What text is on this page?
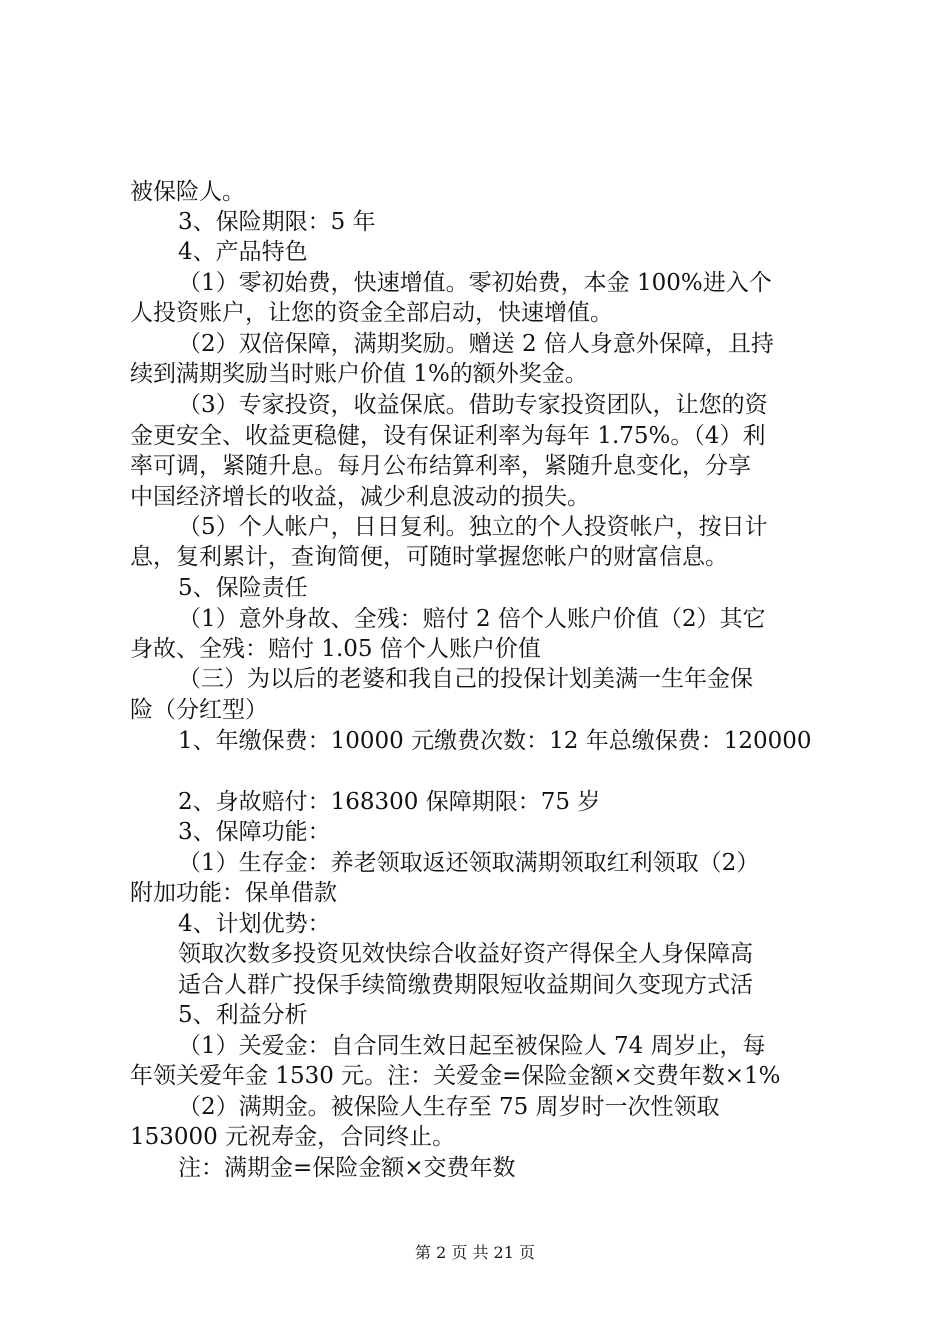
被保险人。
3、保险期限：5 年
4、产品特色
（1）零初始费，快速增值。零初始费，本金 100%进入个
人投资账户，让您的资金全部启动，快速增值。
（2）双倍保障，满期奖励。赠送 2 倍人身意外保障，且持
续到满期奖励当时账户价值 1%的额外奖金。
（3）专家投资，收益保底。借助专家投资团队，让您的资
金更安全、收益更稳健，设有保证利率为每年 1.75%。（4）利
率可调，紧随升息。每月公布结算利率，紧随升息变化，分享
中国经济增长的收益，减少利息波动的损失。
（5）个人帐户，日日复利。独立的个人投资帐户，按日计
息，复利累计，查询简便，可随时掌握您帐户的财富信息。
5、保险责任
（1）意外身故、全残：赔付 2 倍个人账户价值（2）其它
身故、全残：赔付 1.05 倍个人账户价值
（三）为以后的老婆和我自己的投保计划美满一生年金保
险（分红型）
1、年缴保费：10000 元缴费次数：12 年总缴保费：120000
2、身故赔付：168300 保障期限：75 岁
3、保障功能：
（1）生存金：养老领取返还领取满期领取红利领取（2）
附加功能：保单借款
4、计划优势：
领取次数多投资见效快综合收益好资产得保全人身保障高
适合人群广投保手续简缴费期限短收益期间久变现方式活
5、利益分析
（1）关爱金：自合同生效日起至被保险人 74 周岁止，每
年领关爱年金 1530 元。注：关爱金=保险金额×交费年数×1%
（2）满期金。被保险人生存至 75 周岁时一次性领取
153000 元祝寿金，合同终止。
注：满期金=保险金额×交费年数
第 2 页 共 21 页
